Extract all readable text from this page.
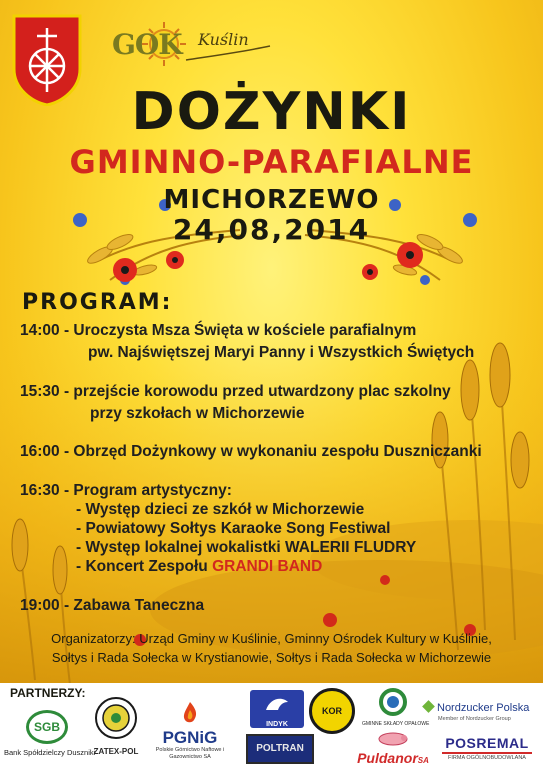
GOK Kuślin
DOŻYNKI
GMINNO-PARAFIALNE
MICHORZEWO
24,08,2014
PROGRAM:
14:00 - Uroczysta Msza Święta w kościele parafialnym
pw. Najświętszej Maryi Panny i Wszystkich Świętych
15:30 - przejście korowodu przed utwardzony plac szkolny
przy szkołach w Michorzewie
16:00 - Obrzęd Dożynkowy w wykonaniu zespołu Duszniczanki
16:30 - Program artystyczny:
- Występ dzieci ze szkół w Michorzewie
- Powiatowy Sołtys Karaoke Song Festiwal
- Występ lokalnej wokalistki WALERII FLUDRY
- Koncert Zespołu GRANDI BAND
19:00 - Zabawa Taneczna
Organizatorzy: Urząd Gminy w Kuślinie, Gminny Ośrodek Kultury w Kuślinie,
Sołtys i Rada Sołecka w Krystianowie, Sołtys i Rada Sołecka w Michorzewie
PARTNERZY:
SGB
Bank Spółdzielczy Duszniki
ZATEX-POL
PGNiG
Polskie Górnictwo Naftowe i Gazownictwo SA
INDYK
POLTRAN
KOR
GMINNE SKŁADY OPAŁOWE
PuldanorSA
Nordzucker Polska
Member of Nordzucker Group
POSREMAL
FIRMA OGÓLNOBUDOWLANA
